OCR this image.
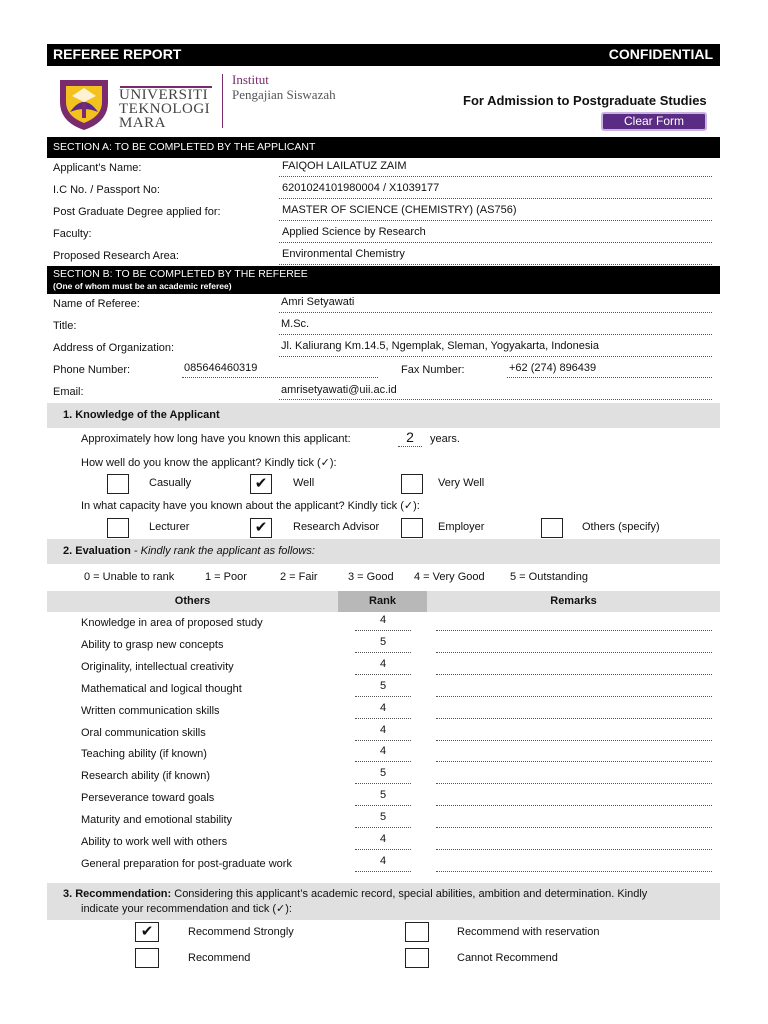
REFEREE REPORT	CONFIDENTIAL
UNIVERSITI
TEKNOLOGI
MARA
Institut
Pengajian Siswazah	For Admission to Postgraduate Studies
Clear Form
SECTION A: TO BE COMPLETED BY THE APPLICANT
Applicant’s Name:	FAIQOH LAILATUZ ZAIM
I.C No. / Passport No:	6201024101980004 / X1039177
Post Graduate Degree applied for:	MASTER OF SCIENCE (CHEMISTRY) (AS756)
Faculty:	Applied Science by Research
Proposed Research Area:	Environmental Chemistry
SECTION B: TO BE COMPLETED BY THE REFEREE
(One of whom must be an academic referee)
Name of Referee:	Amri Setyawati
Title:	M.Sc.
Address of Organization:	Jl. Kaliurang Km.14.5, Ngemplak, Sleman, Yogyakarta, Indonesia
Phone Number:	085646460319	Fax Number:	+62 (274) 896439
Email:	amrisetyawati@uii.ac.id
1. Knowledge of the Applicant
Approximately how long have you known this applicant:	2	years.
How well do you know the applicant? Kindly tick (✓):
Casually	✔	Well	Very Well
In what capacity have you known about the applicant? Kindly tick (✓):
Lecturer	✔	Research Advisor	Employer	Others (specify)
2. Evaluation - Kindly rank the applicant as follows:
0 = Unable to rank	1 = Poor	2 = Fair	3 = Good 4 = Very Good 5 = Outstanding
Others	Rank	Remarks
Knowledge in area of proposed study	4
Ability to grasp new concepts	5
Originality, intellectual creativity	4
Mathematical and logical thought	5
Written communication skills	4
Oral communication skills	4
Teaching ability (if known)	4
Research ability (if known)	5
Perseverance toward goals	5
Maturity and emotional stability	5
Ability to work well with others	4
General preparation for post-graduate work	4
3. Recommendation: Considering this applicant’s academic record, special abilities, ambition and determination. Kindly
indicate your recommendation and tick (✓):
✔	Recommend Strongly	Recommend with reservation
Recommend	Cannot Recommend
